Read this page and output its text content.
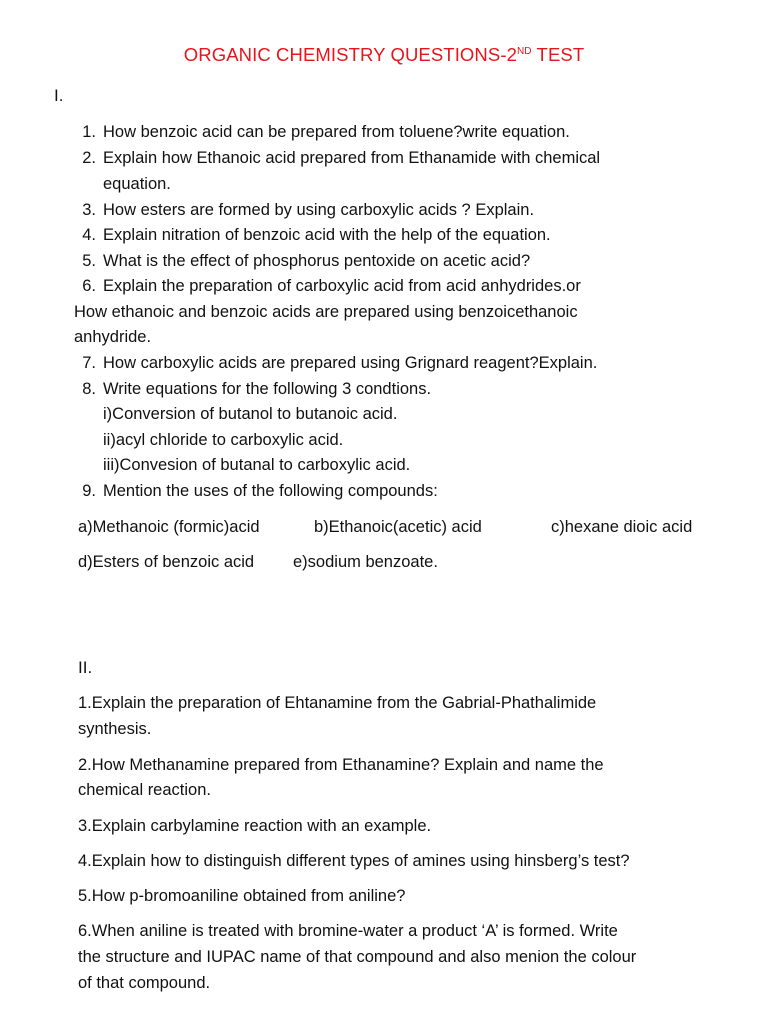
ORGANIC CHEMISTRY QUESTIONS-2ND TEST
I.
1. How benzoic acid can be prepared from toluene?write equation.
2. Explain how Ethanoic acid prepared from Ethanamide with chemical
equation.
3. How esters are formed by using carboxylic acids ? Explain.
4. Explain nitration of benzoic acid with the help of the equation.
5. What is the effect of phosphorus pentoxide on acetic acid?
6. Explain the preparation of carboxylic acid from acid anhydrides.or
How ethanoic and benzoic acids are prepared using benzoicethanoic
anhydride.
7. How carboxylic acids are prepared using Grignard reagent?Explain.
8. Write equations for the following 3 condtions.
i)Conversion of butanol to butanoic acid.
ii)acyl chloride to carboxylic acid.
iii)Convesion of butanal to carboxylic acid.
9. Mention the uses of the following compounds:
a)Methanoic (formic)acid	b)Ethanoic(acetic) acid	c)hexane dioic acid
d)Esters of benzoic acid e)sodium benzoate.
II.
1.Explain the preparation of Ehtanamine from the Gabrial-Phathalimide
synthesis.
2.How Methanamine prepared from Ethanamine? Explain and name the
chemical reaction.
3.Explain carbylamine reaction with an example.
4.Explain how to distinguish different types of amines using hinsberg’s test?
5.How p-bromoaniline obtained from aniline?
6.When aniline is treated with bromine-water a product ‘A’ is formed. Write
the structure and IUPAC name of that compound and also menion the colour
of that compound.
